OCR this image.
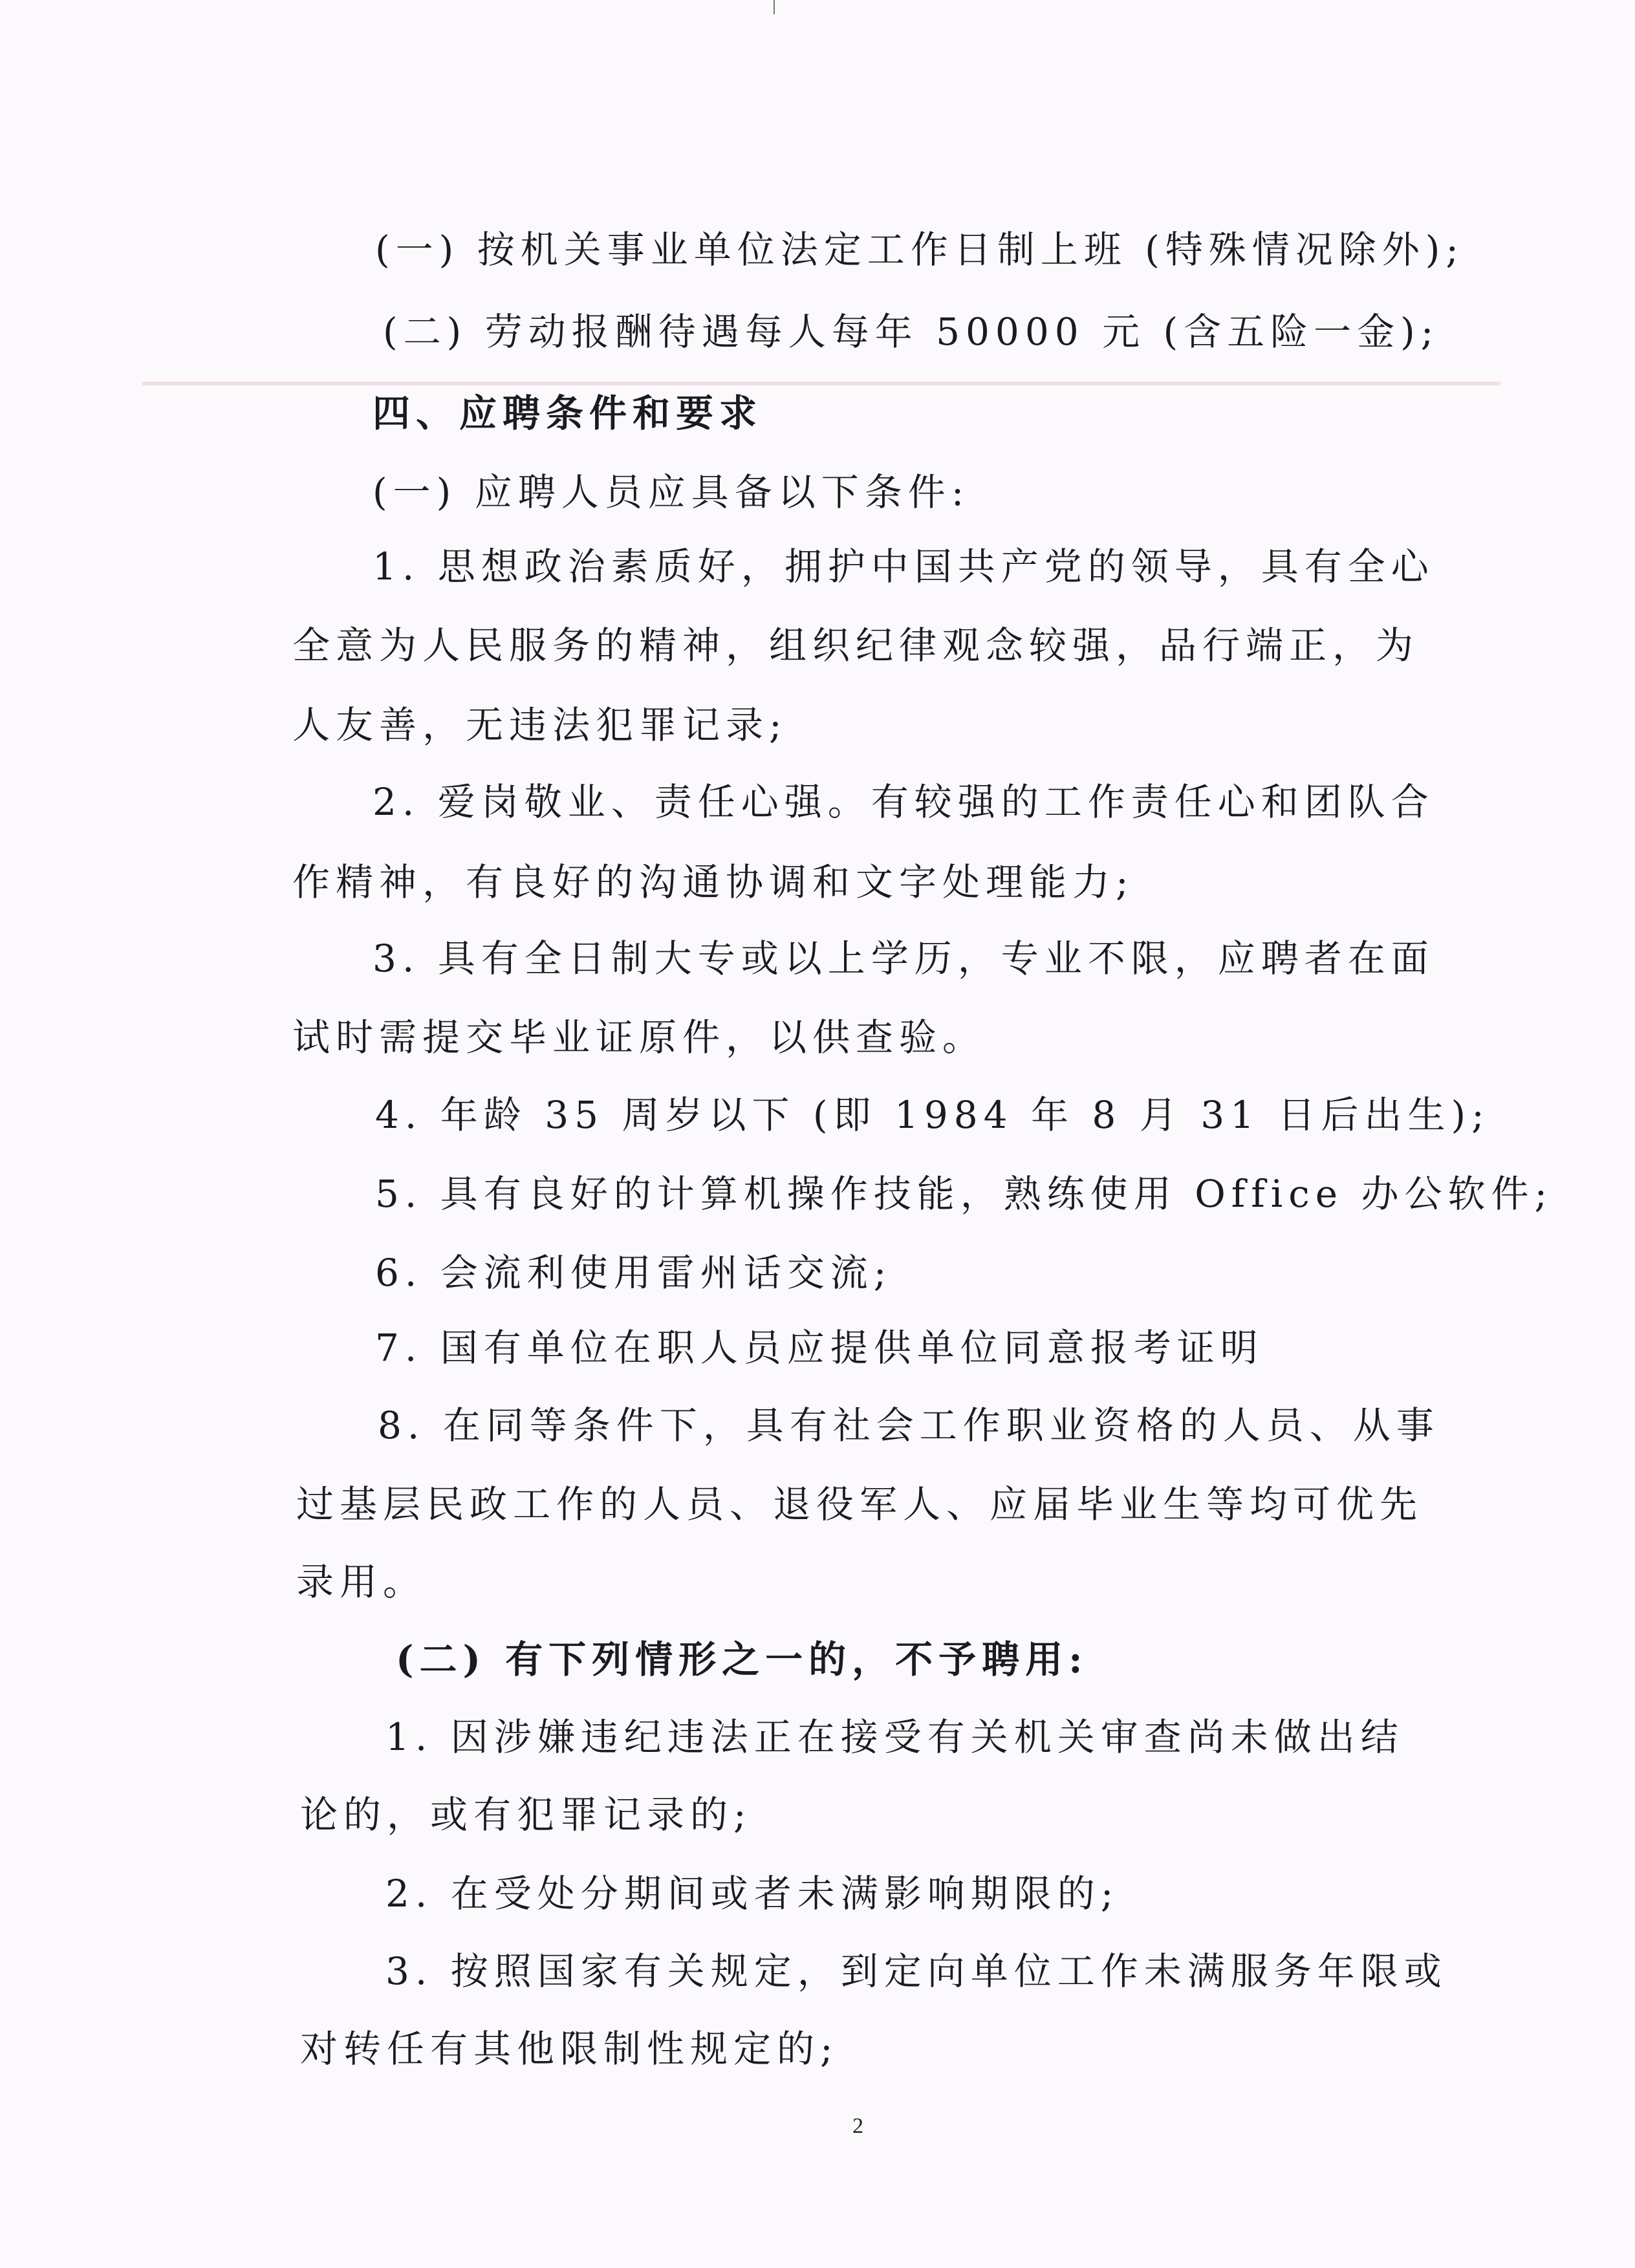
(一) 按机关事业单位法定工作日制上班 (特殊情况除外);
(二) 劳动报酬待遇每人每年 50000 元 (含五险一金);
四、应聘条件和要求
(一) 应聘人员应具备以下条件:
1. 思想政治素质好，拥护中国共产党的领导，具有全心
全意为人民服务的精神，组织纪律观念较强，品行端正，为
人友善，无违法犯罪记录;
2. 爱岗敬业、责任心强。有较强的工作责任心和团队合
作精神，有良好的沟通协调和文字处理能力;
3. 具有全日制大专或以上学历，专业不限，应聘者在面
试时需提交毕业证原件，以供查验。
4. 年龄 35 周岁以下 (即 1984 年 8 月 31 日后出生);
5. 具有良好的计算机操作技能，熟练使用 Office 办公软件;
6. 会流利使用雷州话交流;
7. 国有单位在职人员应提供单位同意报考证明
8. 在同等条件下，具有社会工作职业资格的人员、从事
过基层民政工作的人员、退役军人、应届毕业生等均可优先
录用。
(二) 有下列情形之一的，不予聘用:
1. 因涉嫌违纪违法正在接受有关机关审查尚未做出结
论的，或有犯罪记录的;
2. 在受处分期间或者未满影响期限的;
3. 按照国家有关规定，到定向单位工作未满服务年限或
对转任有其他限制性规定的;
2
